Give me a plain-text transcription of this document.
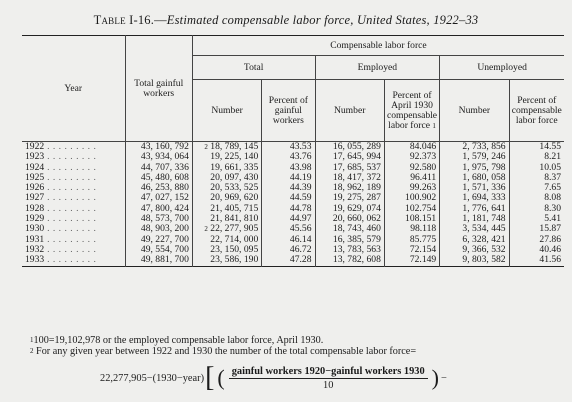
Table I-16.—Estimated compensable labor force, United States, 1922–33
Year	Total gainful workers	Compensable labor force					
		Total		Employed		Unemployed	
		Number	Percent of gainful workers	Number	Percent of April 1930 compensable labor force $^1$	Number	Percent of compensable labor force
1922 . . . . . . . . .	43, 160, 792	$^2$ 18, 789, 145	43.53	16, 055, 289	84.046	2, 733, 856	14.55
1923 . . . . . . . . .	43, 934, 064	19, 225, 140	43.76	17, 645, 994	92.373	1, 579, 246	8.21
1924 . . . . . . . . .	44, 707, 336	19, 661, 335	43.98	17, 685, 537	92.580	1, 975, 798	10.05
1925 . . . . . . . . .	45, 480, 608	20, 097, 430	44.19	18, 417, 372	96.411	1, 680, 058	8.37
1926 . . . . . . . . .	46, 253, 880	20, 533, 525	44.39	18, 962, 189	99.263	1, 571, 336	7.65
1927 . . . . . . . . .	47, 027, 152	20, 969, 620	44.59	19, 275, 287	100.902	1, 694, 333	8.08
1928 . . . . . . . . .	47, 800, 424	21, 405, 715	44.78	19, 629, 074	102.754	1, 776, 641	8.30
1929 . . . . . . . . .	48, 573, 700	21, 841, 810	44.97	20, 660, 062	108.151	1, 181, 748	5.41
1930 . . . . . . . . .	48, 903, 200	$^2$ 22, 277, 905	45.56	18, 743, 460	98.118	3, 534, 445	15.87
1931 . . . . . . . . .	49, 227, 700	22, 714, 000	46.14	16, 385, 579	85.775	6, 328, 421	27.86
1932 . . . . . . . . .	49, 554, 700	23, 150, 095	46.72	13, 783, 563	72.154	9, 366, 532	40.46
1933 . . . . . . . . .	49, 881, 700	23, 586, 190	47.28	13, 782, 608	72.149	9, 803, 582	41.56
$^1$100=19,102,978 or the employed compensable labor force, April 1930.
$^2$ For any given year between 1922 and 1930 the number of the total compensable labor force=
22,277,905−(1930−year) [ ( $\frac{\text{gainful workers 1920−gainful workers 1930}}{10}$ ) −
